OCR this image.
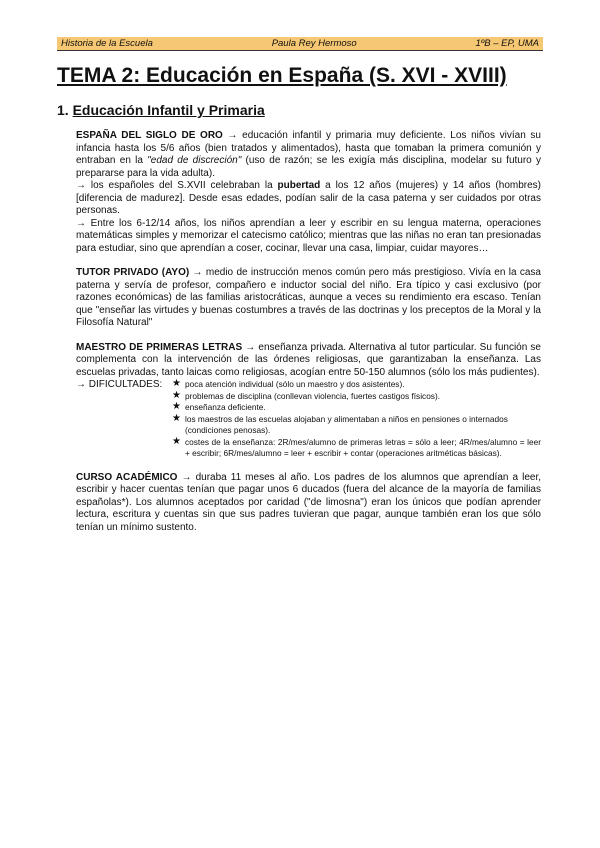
Historia de la Escuela	Paula Rey Hermoso	1ºB – EP, UMA
TEMA 2: Educación en España (S. XVI - XVIII)
1. Educación Infantil y Primaria

ESPAÑA DEL SIGLO DE ORO → educación infantil y primaria muy deficiente. Los niños vivían su infancia hasta los 5/6 años (bien tratados y alimentados), hasta que tomaban la primera comunión y entraban en la "edad de discreción" (uso de razón; se les exigía más disciplina, modelar su futuro y prepararse para la vida adulta).

→ los españoles del S.XVII celebraban la pubertad a los 12 años (mujeres) y 14 años (hombres) [diferencia de madurez]. Desde esas edades, podían salir de la casa paterna y ser cuidados por otras personas.

→ Entre los 6-12/14 años, los niños aprendían a leer y escribir en su lengua materna, operaciones matemáticas simples y memorizar el catecismo católico; mientras que las niñas no eran tan presionadas para estudiar, sino que aprendían a coser, cocinar, llevar una casa, limpiar, cuidar mayores…

TUTOR PRIVADO (AYO) → medio de instrucción menos común pero más prestigioso. Vivía en la casa paterna y servía de profesor, compañero e inductor social del niño. Era típico y casi exclusivo (por razones económicas) de las familias aristocráticas, aunque a veces su rendimiento era escaso. Tenían que "enseñar las virtudes y buenas costumbres a través de las doctrinas y los preceptos de la Moral y la Filosofía Natural"

MAESTRO DE PRIMERAS LETRAS → enseñanza privada. Alternativa al tutor particular. Su función se complementa con la intervención de las órdenes religiosas, que garantizaban la enseñanza. Las escuelas privadas, tanto laicas como religiosas, acogían entre 50-150 alumnos (sólo los más pudientes).

→ DIFICULTADES: ★ poca atención individual (sólo un maestro y dos asistentes).
★ problemas de disciplina (conllevan violencia, fuertes castigos físicos).
★ enseñanza deficiente.
★ los maestros de las escuelas alojaban y alimentaban a niños en pensiones o internados (condiciones penosas).
★ costes de la enseñanza: 2R/mes/alumno de primeras letras = sólo a leer; 4R/mes/alumno = leer + escribir; 6R/mes/alumno = leer + escribir + contar (operaciones aritméticas básicas).

CURSO ACADÉMICO → duraba 11 meses al año. Los padres de los alumnos que aprendían a leer, escribir y hacer cuentas tenían que pagar unos 6 ducados (fuera del alcance de la mayoría de familias españolas*). Los alumnos aceptados por caridad ("de limosna") eran los únicos que podían aprender lectura, escritura y cuentas sin que sus padres tuvieran que pagar, aunque también eran los que sólo tenían un mínimo sustento.
